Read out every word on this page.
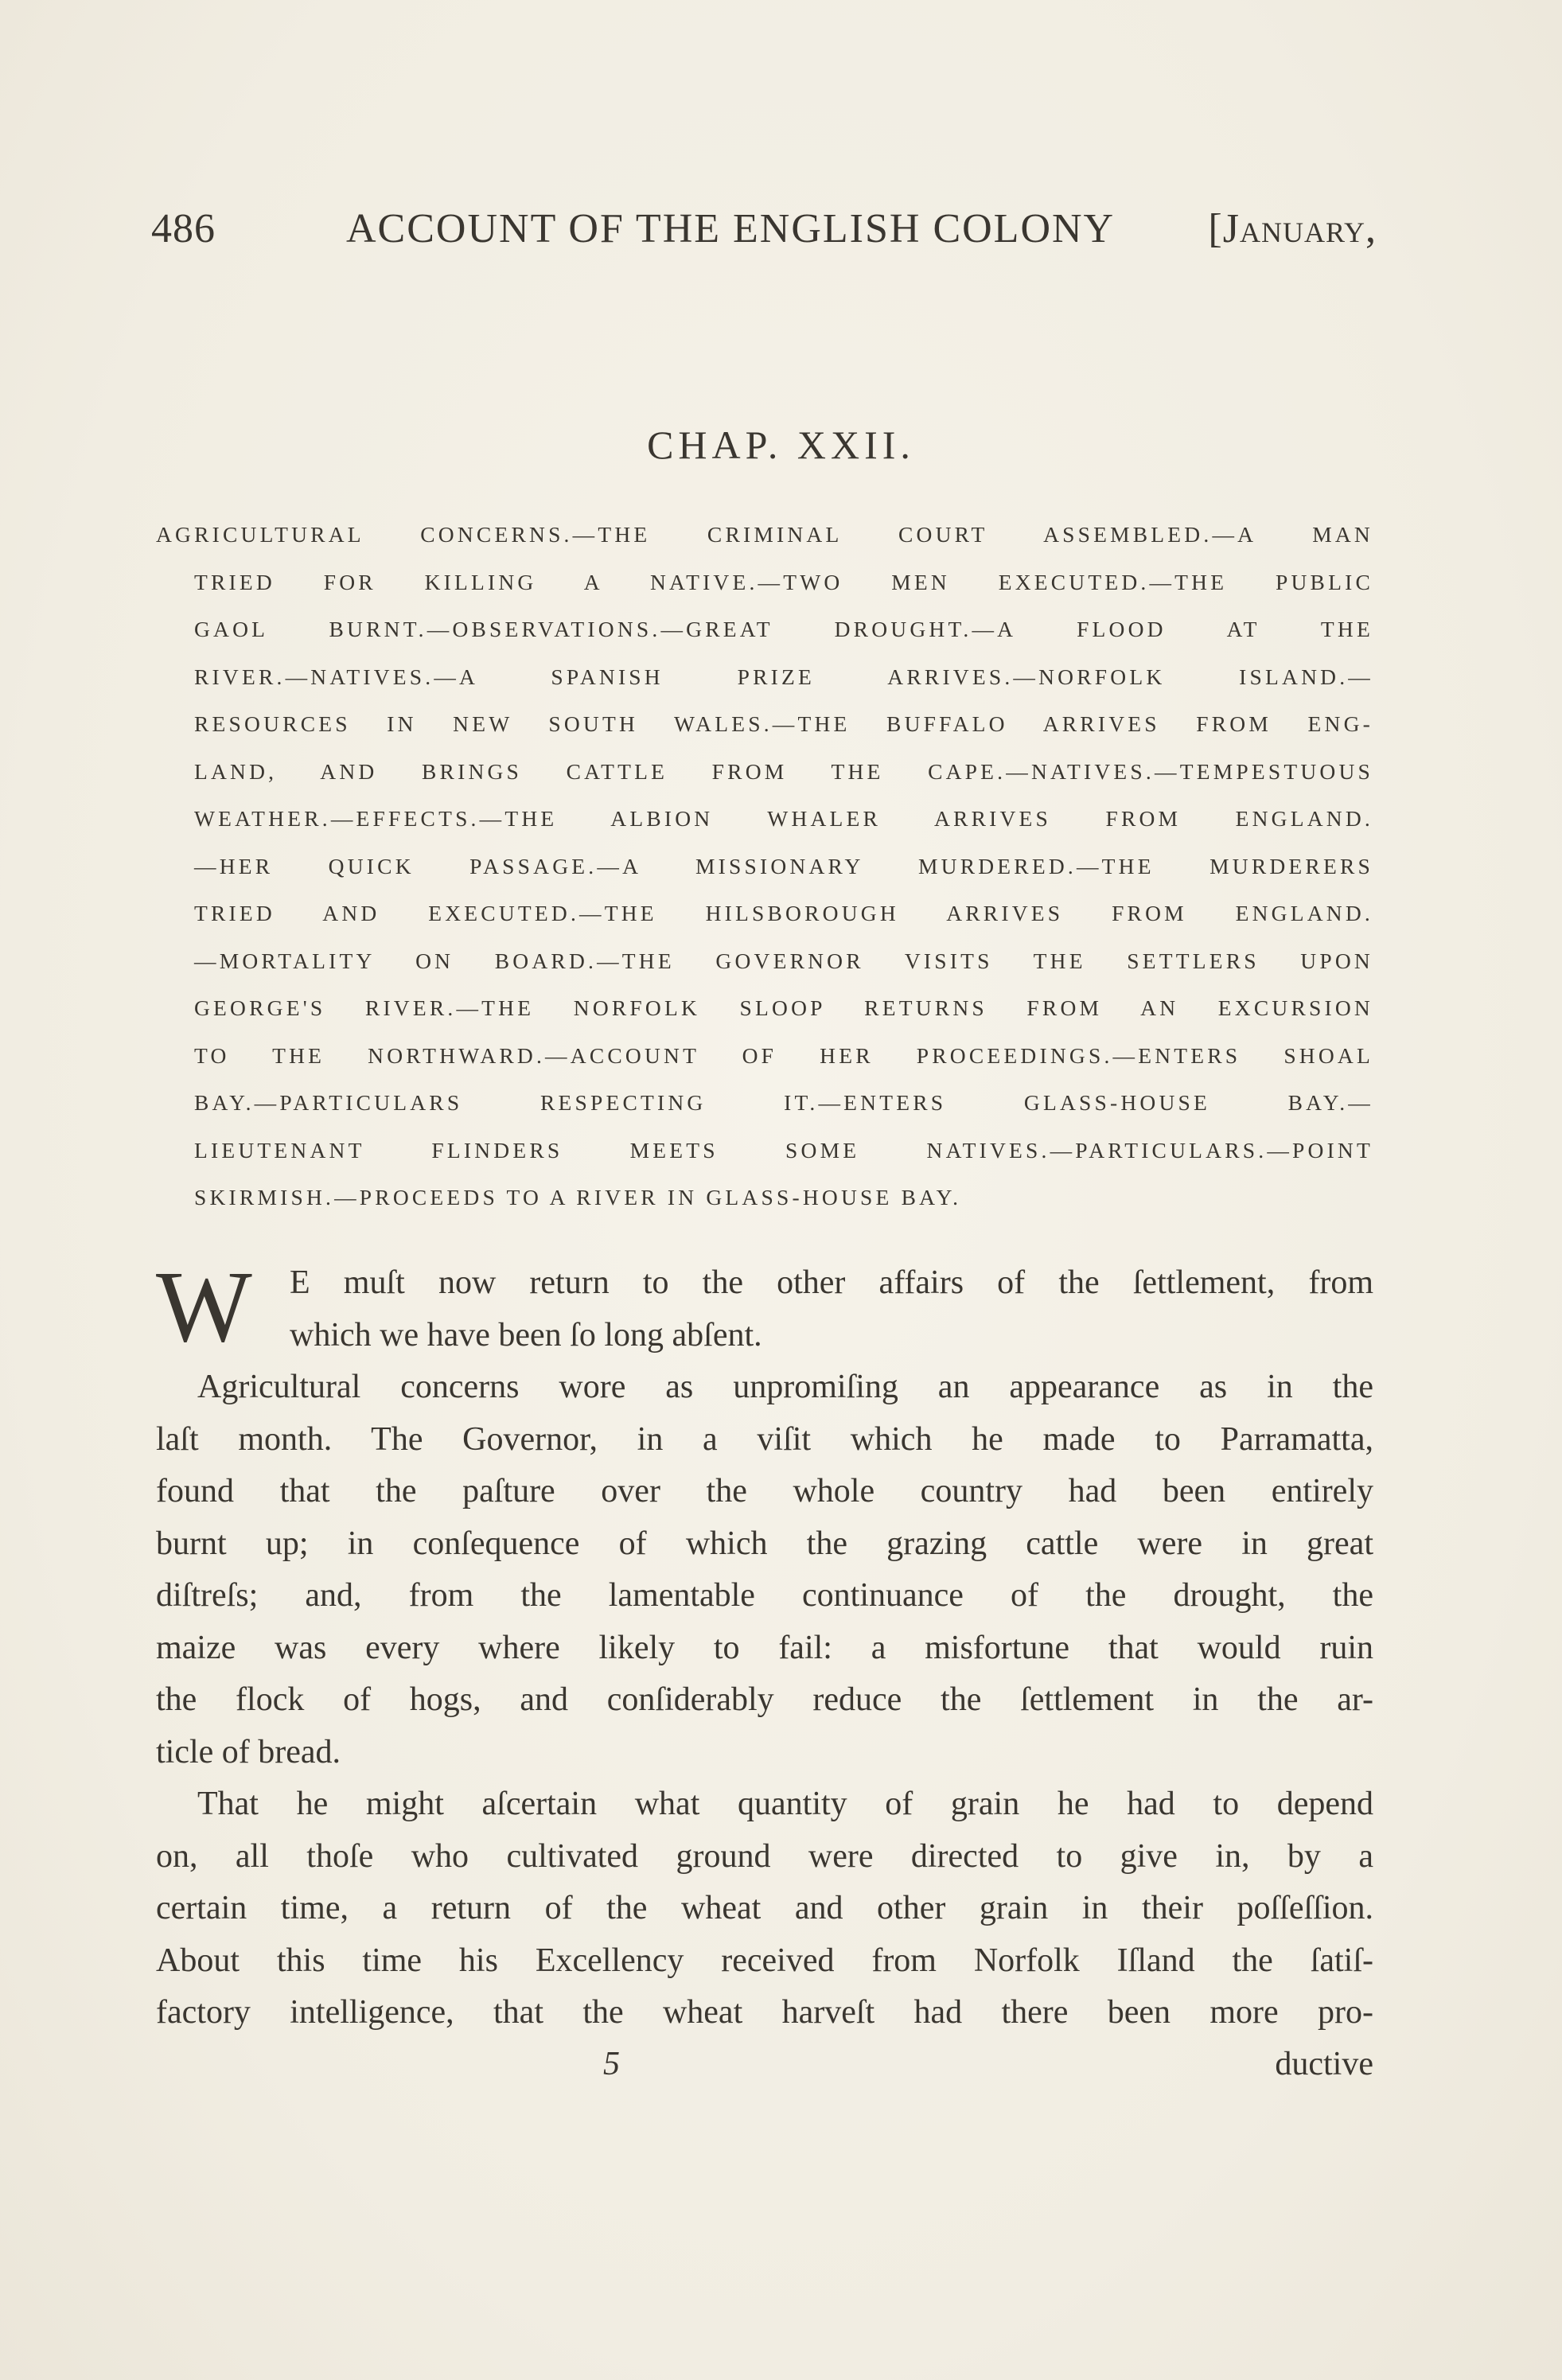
486	ACCOUNT OF THE ENGLISH COLONY [January,
CHAP. XXII.
AGRICULTURAL CONCERNS.—THE CRIMINAL COURT ASSEMBLED.—A MAN
TRIED FOR KILLING A NATIVE.—TWO MEN EXECUTED.—THE PUBLIC
GAOL BURNT.—OBSERVATIONS.—GREAT DROUGHT.—A FLOOD AT THE
RIVER.—NATIVES.—A SPANISH PRIZE ARRIVES.—NORFOLK ISLAND.—
RESOURCES IN NEW SOUTH WALES.—THE BUFFALO ARRIVES FROM ENG-
LAND, AND BRINGS CATTLE FROM THE CAPE.—NATIVES.—TEMPESTUOUS
WEATHER.—EFFECTS.—THE ALBION WHALER ARRIVES FROM ENGLAND.
—HER QUICK PASSAGE.—A MISSIONARY MURDERED.—THE MURDERERS
TRIED AND EXECUTED.—THE HILSBOROUGH ARRIVES FROM ENGLAND.
—MORTALITY ON BOARD.—THE GOVERNOR VISITS THE SETTLERS UPON
GEORGE'S RIVER.—THE NORFOLK SLOOP RETURNS FROM AN EXCURSION
TO THE NORTHWARD.—ACCOUNT OF HER PROCEEDINGS.—ENTERS SHOAL
BAY.—PARTICULARS RESPECTING IT.—ENTERS GLASS-HOUSE BAY.—
LIEUTENANT FLINDERS MEETS SOME NATIVES.—PARTICULARS.—POINT
SKIRMISH.—PROCEEDS TO A RIVER IN GLASS-HOUSE BAY.
W	E muſt now return to the other affairs of the ſettlement, from
which we have been ſo long abſent.
Agricultural concerns wore as unpromiſing an appearance as in the
laſt month. The Governor, in a viſit which he made to Parramatta,
found that the paſture over the whole country had been entirely
burnt up; in conſequence of which the grazing cattle were in great
diſtreſs; and, from the lamentable continuance of the drought, the
maize was every where likely to fail: a misfortune that would ruin
the flock of hogs, and conſiderably reduce the ſettlement in the ar-
ticle of bread.
That he might aſcertain what quantity of grain he had to depend
on, all thoſe who cultivated ground were directed to give in, by a
certain time, a return of the wheat and other grain in their poſſeſſion.
About this time his Excellency received from Norfolk Iſland the ſatiſ-
factory intelligence, that the wheat harveſt had there been more pro-
5	ductive
